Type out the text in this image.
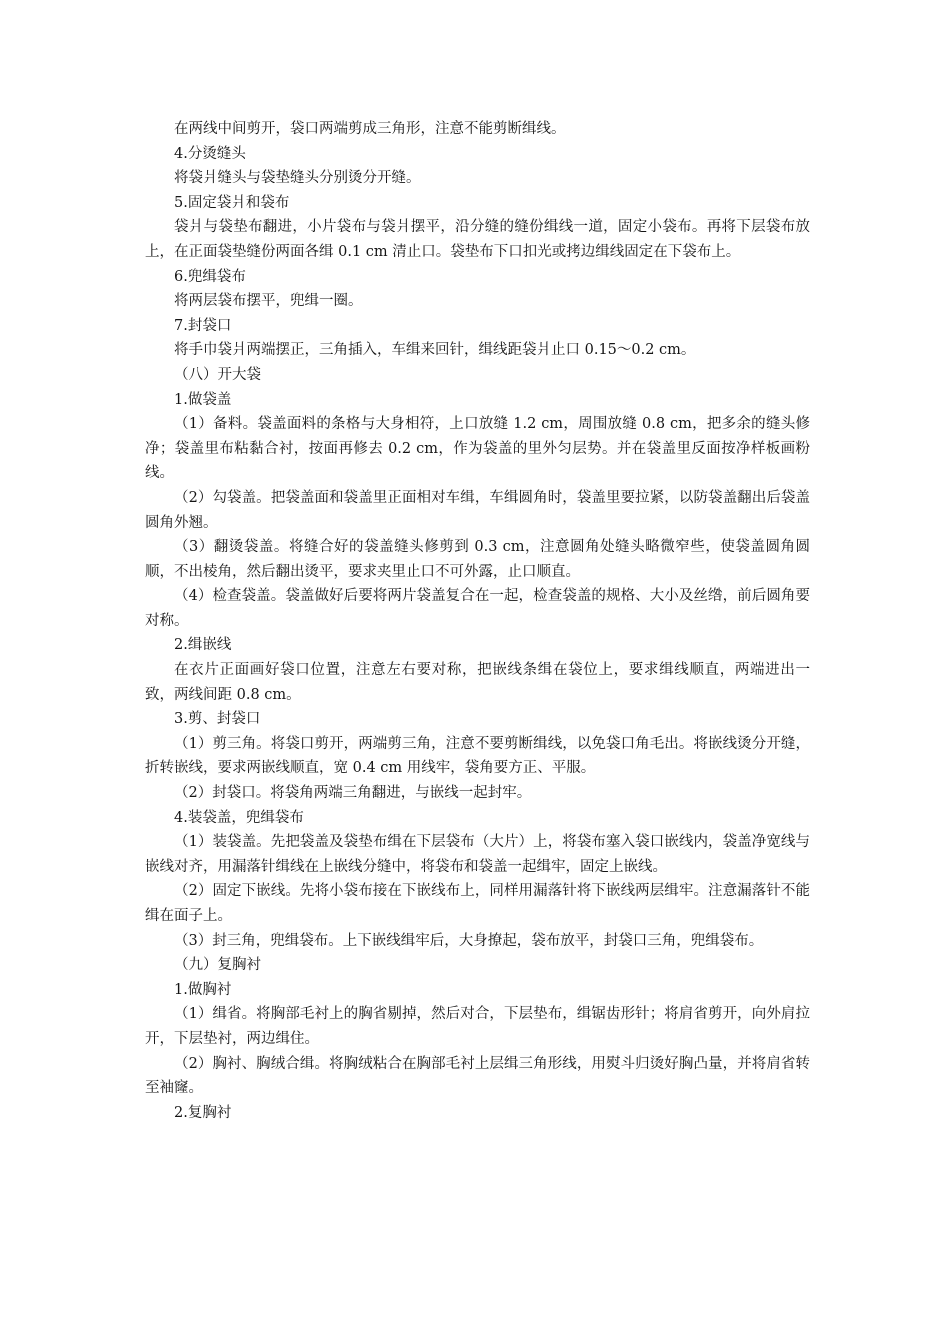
在两线中间剪开，袋口两端剪成三角形，注意不能剪断缉线。

4.分烫缝头

将袋爿缝头与袋垫缝头分别烫分开缝。

5.固定袋爿和袋布

袋爿与袋垫布翻进，小片袋布与袋爿摆平，沿分缝的缝份缉线一道，固定小袋布。再将下层袋布放上，在正面袋垫缝份两面各缉 0.1 cm 清止口。袋垫布下口扣光或拷边缉线固定在下袋布上。

6.兜缉袋布

将两层袋布摆平，兜缉一圈。

7.封袋口

将手巾袋爿两端摆正，三角插入，车缉来回针，缉线距袋爿止口 0.15～0.2 cm。

（八）开大袋

1.做袋盖

（1）备料。袋盖面料的条格与大身相符，上口放缝 1.2 cm，周围放缝 0.8 cm，把多余的缝头修净；袋盖里布粘黏合衬，按面再修去 0.2 cm，作为袋盖的里外匀层势。并在袋盖里反面按净样板画粉线。

（2）勾袋盖。把袋盖面和袋盖里正面相对车缉，车缉圆角时，袋盖里要拉紧，以防袋盖翻出后袋盖圆角外翘。

（3）翻烫袋盖。将缝合好的袋盖缝头修剪到 0.3 cm，注意圆角处缝头略微窄些，使袋盖圆角圆顺，不出棱角，然后翻出烫平，要求夹里止口不可外露，止口顺直。

（4）检查袋盖。袋盖做好后要将两片袋盖复合在一起，检查袋盖的规格、大小及丝绺，前后圆角要对称。

2.缉嵌线

在衣片正面画好袋口位置，注意左右要对称，把嵌线条缉在袋位上，要求缉线顺直，两端进出一致，两线间距 0.8 cm。

3.剪、封袋口

（1）剪三角。将袋口剪开，两端剪三角，注意不要剪断缉线，以免袋口角毛出。将嵌线烫分开缝，折转嵌线，要求两嵌线顺直，宽 0.4 cm 用线牢，袋角要方正、平服。

（2）封袋口。将袋角两端三角翻进，与嵌线一起封牢。

4.装袋盖，兜缉袋布

（1）装袋盖。先把袋盖及袋垫布缉在下层袋布（大片）上，将袋布塞入袋口嵌线内，袋盖净宽线与嵌线对齐，用漏落针缉线在上嵌线分缝中，将袋布和袋盖一起缉牢，固定上嵌线。

（2）固定下嵌线。先将小袋布接在下嵌线布上，同样用漏落针将下嵌线两层缉牢。注意漏落针不能缉在面子上。

（3）封三角，兜缉袋布。上下嵌线缉牢后，大身撩起，袋布放平，封袋口三角，兜缉袋布。

（九）复胸衬

1.做胸衬

（1）缉省。将胸部毛衬上的胸省剔掉，然后对合，下层垫布，缉锯齿形针；将肩省剪开，向外肩拉开，下层垫衬，两边缉住。

（2）胸衬、胸绒合缉。将胸绒粘合在胸部毛衬上层缉三角形线，用熨斗归烫好胸凸量，并将肩省转至袖窿。

2.复胸衬
